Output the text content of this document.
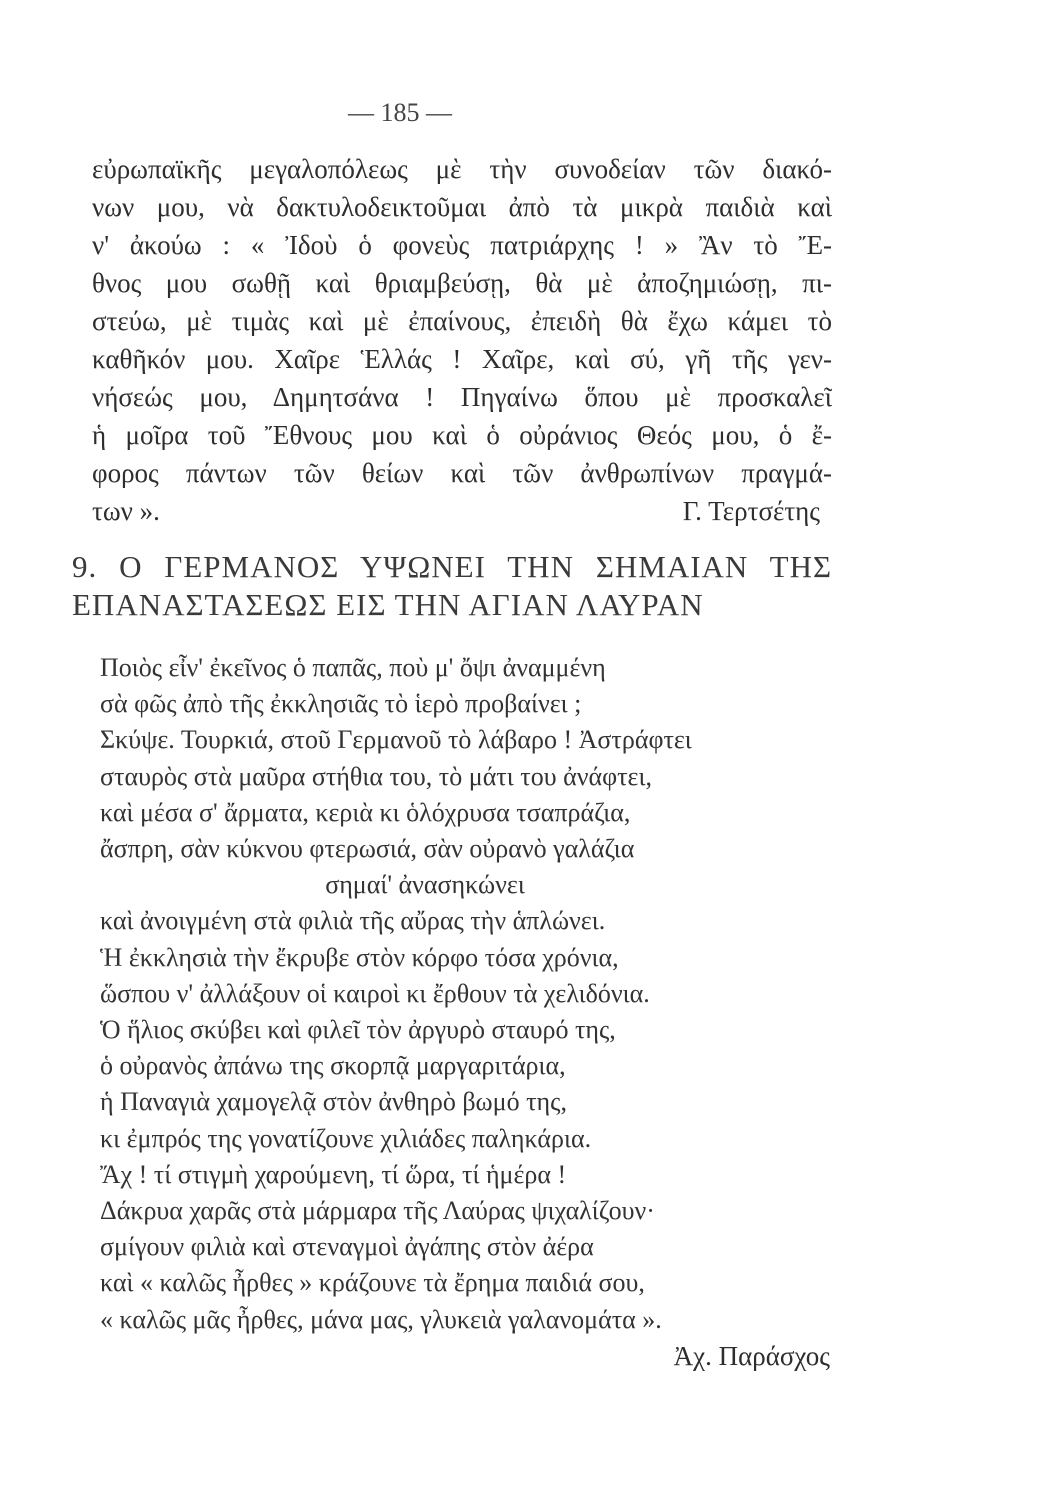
— 185 —
εὐρωπαϊκῆς μεγαλοπόλεως μὲ τὴν συνοδείαν τῶν διακό-
νων μου, νὰ δακτυλοδεικτοῦμαι ἀπὸ τὰ μικρὰ παιδιὰ καὶ
ν' ἀκούω : « Ἰδοὺ ὁ φονεὺς πατριάρχης ! » Ἂν τὸ Ἔ-
θνος μου σωθῇ καὶ θριαμβεύσῃ, θὰ μὲ ἀποζημιώσῃ, πι-
στεύω, μὲ τιμὰς καὶ μὲ ἐπαίνους, ἐπειδὴ θὰ ἔχω κάμει τὸ
καθῆκόν μου. Χαῖρε Ἑλλάς ! Χαῖρε, καὶ σύ, γῆ τῆς γεν-
νήσεώς μου, Δημητσάνα ! Πηγαίνω ὅπου μὲ προσκαλεῖ
ἡ μοῖρα τοῦ Ἔθνους μου καὶ ὁ οὐράνιος Θεός μου, ὁ ἔ-
φορος πάντων τῶν θείων καὶ τῶν ἀνθρωπίνων πραγμά-
των ».	Γ. Τερτσέτης
9. Ο ΓΕΡΜΑΝΟΣ ΥΨΩΝΕΙ ΤΗΝ ΣΗΜΑΙΑΝ ΤΗΣ
ΕΠΑΝΑΣΤΑΣΕΩΣ ΕΙΣ ΤΗΝ ΑΓΙΑΝ ΛΑΥΡΑΝ
Ποιὸς εἶν' ἐκεῖνος ὁ παπᾶς, ποὺ μ' ὄψι ἀναμμένη
σὰ φῶς ἀπὸ τῆς ἐκκλησιᾶς τὸ ἱερὸ προβαίνει ;
Σκύψε. Τουρκιά, στοῦ Γερμανοῦ τὸ λάβαρο ! Ἀστράφτει
σταυρὸς στὰ μαῦρα στήθια του, τὸ μάτι του ἀνάφτει,
καὶ μέσα σ' ἄρματα, κεριὰ κι ὁλόχρυσα τσαπράζια,
ἄσπρη, σὰν κύκνου φτερωσιά, σὰν οὐρανὸ γαλάζια
σημαί' ἀνασηκώνει
καὶ ἀνοιγμένη στὰ φιλιὰ τῆς αὔρας τὴν ἁπλώνει.
Ἡ ἐκκλησιὰ τὴν ἔκρυβε στὸν κόρφο τόσα χρόνια,
ὥσπου ν' ἀλλάξουν οἱ καιροὶ κι ἔρθουν τὰ χελιδόνια.
Ὁ ἥλιος σκύβει καὶ φιλεῖ τὸν ἀργυρὸ σταυρό της,
ὁ οὐρανὸς ἀπάνω της σκορπᾷ μαργαριτάρια,
ἡ Παναγιὰ χαμογελᾷ στὸν ἀνθηρὸ βωμό της,
κι ἐμπρός της γονατίζουνε χιλιάδες παληκάρια.
Ἄχ ! τί στιγμὴ χαρούμενη, τί ὥρα, τί ἡμέρα !
Δάκρυα χαρᾶς στὰ μάρμαρα τῆς Λαύρας ψιχαλίζουν·
σμίγουν φιλιὰ καὶ στεναγμοὶ ἀγάπης στὸν ἀέρα
καὶ « καλῶς ἦρθες » κράζουνε τὰ ἔρημα παιδιά σου,
« καλῶς μᾶς ἦρθες, μάνα μας, γλυκειὰ γαλανομάτα ».
Ἀχ. Παράσχος
